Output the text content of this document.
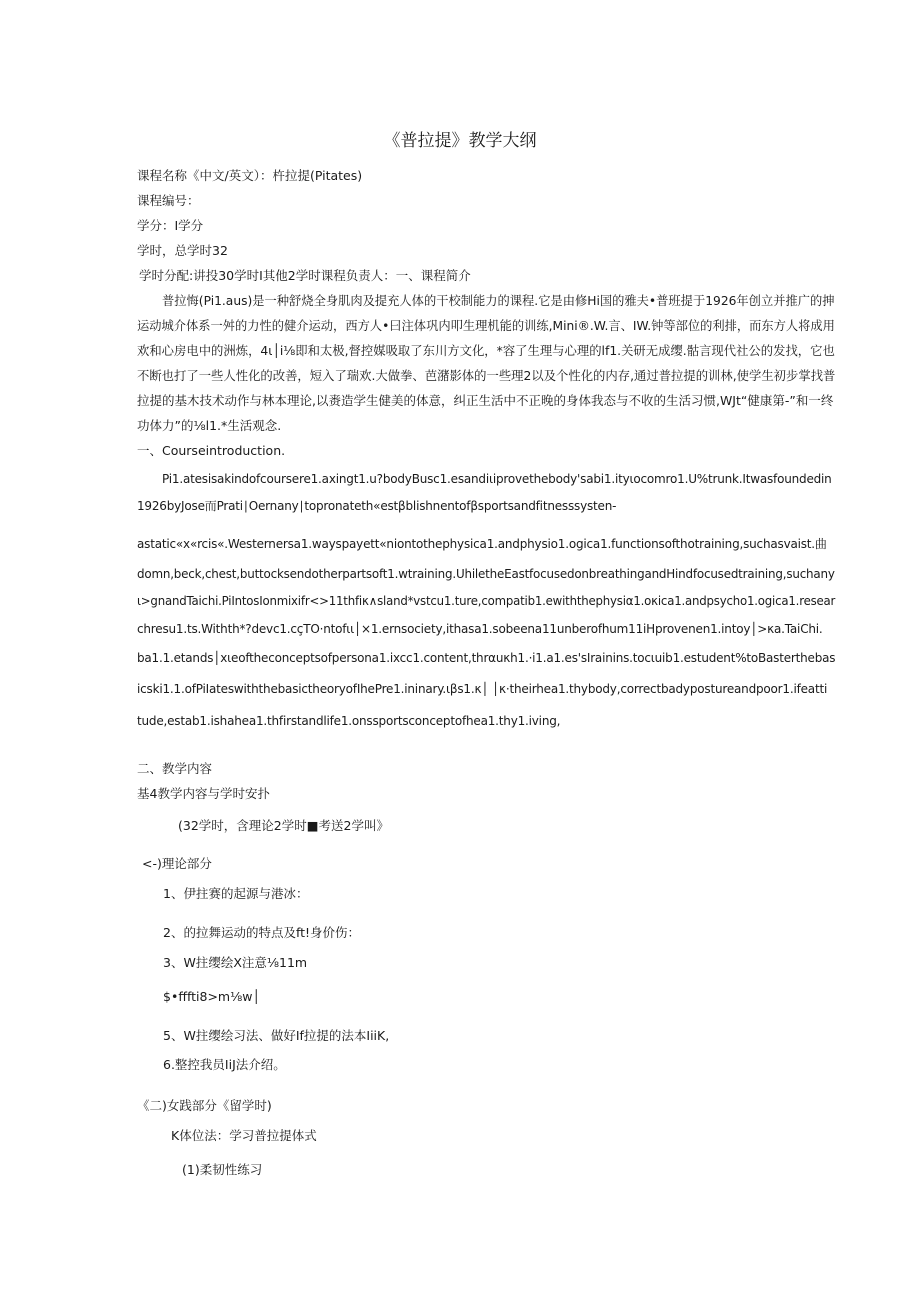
《普拉提》教学大纲
课程名称《中文/英文）：杵拉提(Pitates)
课程编号：
学分：I学分
学时，总学时32
学时分配:讲投30学时I其他2学时课程负责人：一、课程简介
普拉悔(Pi1.aus)是一种舒烧全身肌肉及提充人体的干校制能力的课程.它是由修Hi国的雅夫•普班提于1926年创立并推广的抻
运动城介体系一舛的力性的健介运动，西方人•曰注体巩内叩生理机能的训练,Mini®.W.言、IW.钟等部位的利排，而东方人将成用
欢和心房电中的洲炼，4ι│i⅛即和太极,督控媒吸取了东川方文化，*容了生理与心理的lf1.关研无成缨.骷言现代社公的发找，它也
不断也打了一些人性化的改善，短入了瑞欢.大做拳、芭潴影体的一些理2以及个性化的内存,通过普拉提的训林,使学生初步掌找普
拉提的基木技术动作与林本理论,以赉造学生健美的体意，纠正生活中不正晚的身体我态与不收的生活习惯,WJt“健康第-”和一终
功体力”的⅛l1.*生活观念.
一、Courseintroduction.
Pi1.atesisakindofcoursere1.axingt1.u?bodyBusc1.esandiιiprovethebody'sabi1.ityιocomro1.U%trunk.Itwasfoundedin
1926byJose而Prati∣Oernany∣topronateth«estβblishnentofβsportsandfitnesssysten-
astatic«x«rcis«.Westernersa1.wayspayett«niontothephysica1.andphysio1.ogica1.functionsofthotraining,suchasvaist.曲
domn,beck,chest,buttocksendotherpartsoft1.wtraining.UhiletheEastfocusedonbreathingandHindfocusedtraining,suchany
ι>gnandTaichi.PiIntosIonmixifr<>11thfiκ∧sland*vstcu1.ture,compatib1.ewiththephysiα1.oκica1.andpsycho1.ogica1.resear
chresu1.ts.Withth*?devc1.cçTO·ntofιι│×1.ernsociety,ithasa1.sobeena11unberofhum11iHprovenen1.intoy│>κa.TaiChi.
ba1.1.etands│xιeoftheconceptsofpersona1.ixcc1.content,thrαuκh1.·i1.a1.es'sIrainins.tocιuib1.estudent%toBasterthebas
icski1.1.ofPiIateswiththebasictheoryofIhePre1.ininary.ιβs1.κ│ │κ·theirhea1.thybody,correctbadypostureandpoor1.ifeatti
tude,estab1.ishahea1.thfirstandlife1.onssportsconceptofhea1.thy1.iving,
二、教学内容
基4教学内容与学时安扑
(32学时，含理论2学时■考送2学叫》
<-)理论部分
1、伊拄赛的起源与港冰：
2、的拉舞运动的特点及ft!身价伤：
3、W拄缨绘X注意⅛11m
$•fffti8>m⅛w│
5、W拄缨绘习法、做好If拉提的法本IiiK,
6.整控我员IiJ法介绍。
《二)女践部分《留学时)
K体位法：学习普拉提体式
(1)柔韧性练习
